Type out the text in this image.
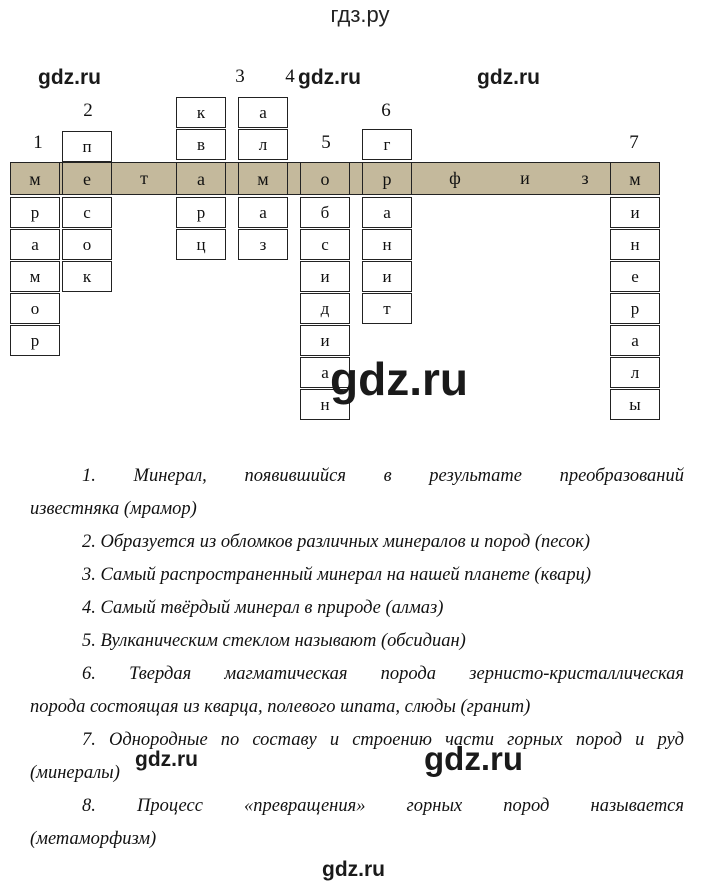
гдз.ру
gdz.ru	gdz.ru	gdz.ru
1
2
3 4
5
6
7
п
к
в
а
л	г
м	е	т	а	м	о	р	ф	и	з	м
р
а
м
о
р
с
о
к
р
ц
а
з
б
с
и
д
и
а
н
а
н
и
т
и
н
е
р
а
л
ы
gdz.ru
1. Минерал, появившийся в результате преобразований
известняка (мрамор)
2. Образуется из обломков различных минералов и пород (песок)
3. Самый распространенный минерал на нашей планете (кварц)
4. Самый твёрдый минерал в природе (алмаз)
5. Вулканическим стеклом называют (обсидиан)
6. Твердая магматическая порода зернисто-кристаллическая
порода состоящая из кварца, полевого шпата, слюды (гранит)
7. Однородные по составу и строению части горных пород и руд
(минералы)
8. Процесс «превращения» горных пород называется
(метаморфизм)
gdz.ru	gdz.ru
gdz.ru
